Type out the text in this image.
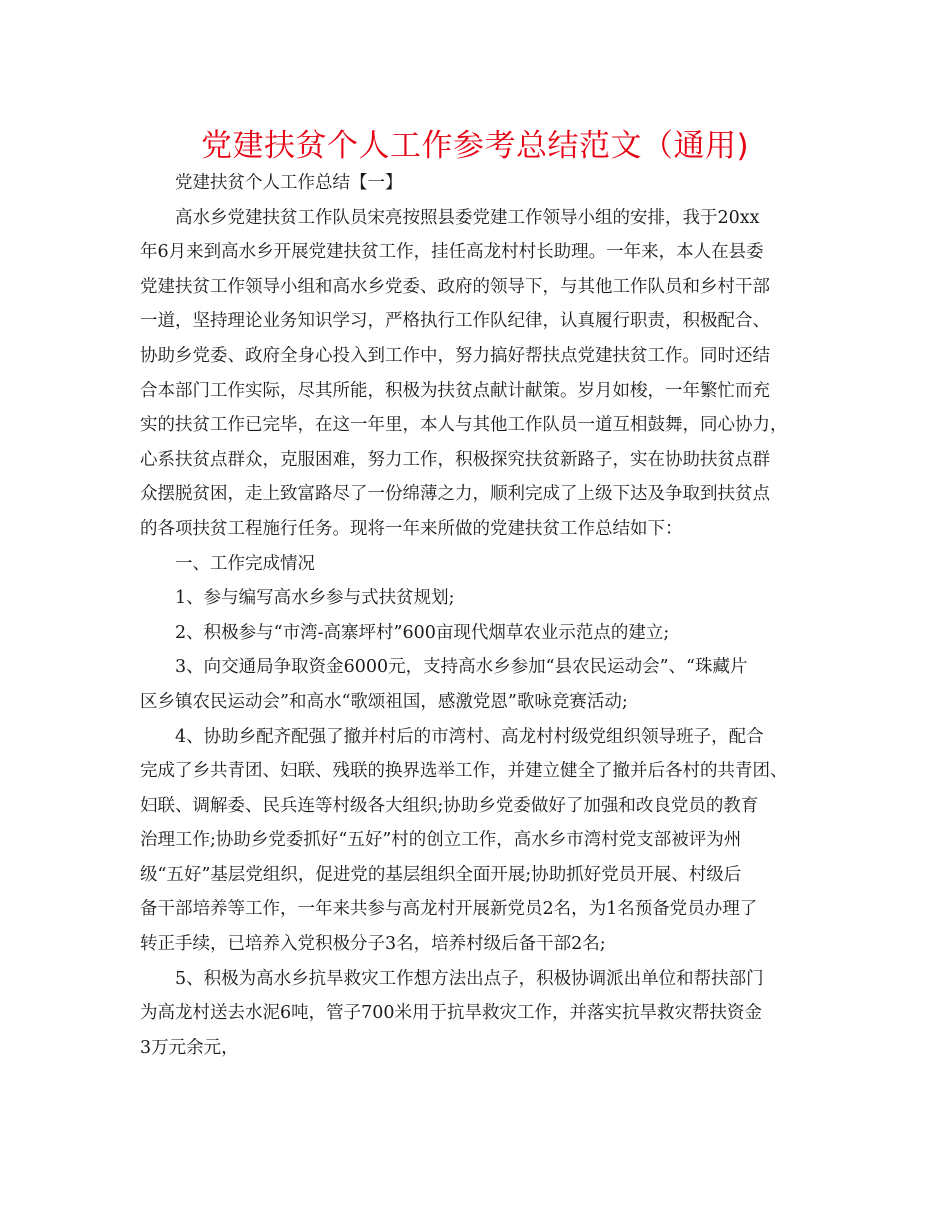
党建扶贫个人工作参考总结范文（通用)
党建扶贫个人工作总结【一】
高水乡党建扶贫工作队员宋亮按照县委党建工作领导小组的安排，我于20xx
年6月来到高水乡开展党建扶贫工作，挂任高龙村村长助理。一年来，本人在县委
党建扶贫工作领导小组和高水乡党委、政府的领导下，与其他工作队员和乡村干部
一道，坚持理论业务知识学习，严格执行工作队纪律，认真履行职责，积极配合、
协助乡党委、政府全身心投入到工作中，努力搞好帮扶点党建扶贫工作。同时还结
合本部门工作实际，尽其所能，积极为扶贫点献计献策。岁月如梭，一年繁忙而充
实的扶贫工作已完毕，在这一年里，本人与其他工作队员一道互相鼓舞，同心协力，
心系扶贫点群众，克服困难，努力工作，积极探究扶贫新路子，实在协助扶贫点群
众摆脱贫困，走上致富路尽了一份绵薄之力，顺利完成了上级下达及争取到扶贫点
的各项扶贫工程施行任务。现将一年来所做的党建扶贫工作总结如下：
一、工作完成情况
1、参与编写高水乡参与式扶贫规划;
2、积极参与“市湾-高寨坪村”600亩现代烟草农业示范点的建立;
3、向交通局争取资金6000元，支持高水乡参加“县农民运动会”、“珠藏片
区乡镇农民运动会”和高水“歌颂祖国，感激党恩”歌咏竞赛活动;
4、协助乡配齐配强了撤并村后的市湾村、高龙村村级党组织领导班子，配合
完成了乡共青团、妇联、残联的换界选举工作，并建立健全了撤并后各村的共青团、
妇联、调解委、民兵连等村级各大组织;协助乡党委做好了加强和改良党员的教育
治理工作;协助乡党委抓好“五好”村的创立工作，高水乡市湾村党支部被评为州
级“五好”基层党组织，促进党的基层组织全面开展;协助抓好党员开展、村级后
备干部培养等工作，一年来共参与高龙村开展新党员2名，为1名预备党员办理了
转正手续，已培养入党积极分子3名，培养村级后备干部2名;
5、积极为高水乡抗旱救灾工作想方法出点子，积极协调派出单位和帮扶部门
为高龙村送去水泥6吨，管子700米用于抗旱救灾工作，并落实抗旱救灾帮扶资金
3万元余元，
